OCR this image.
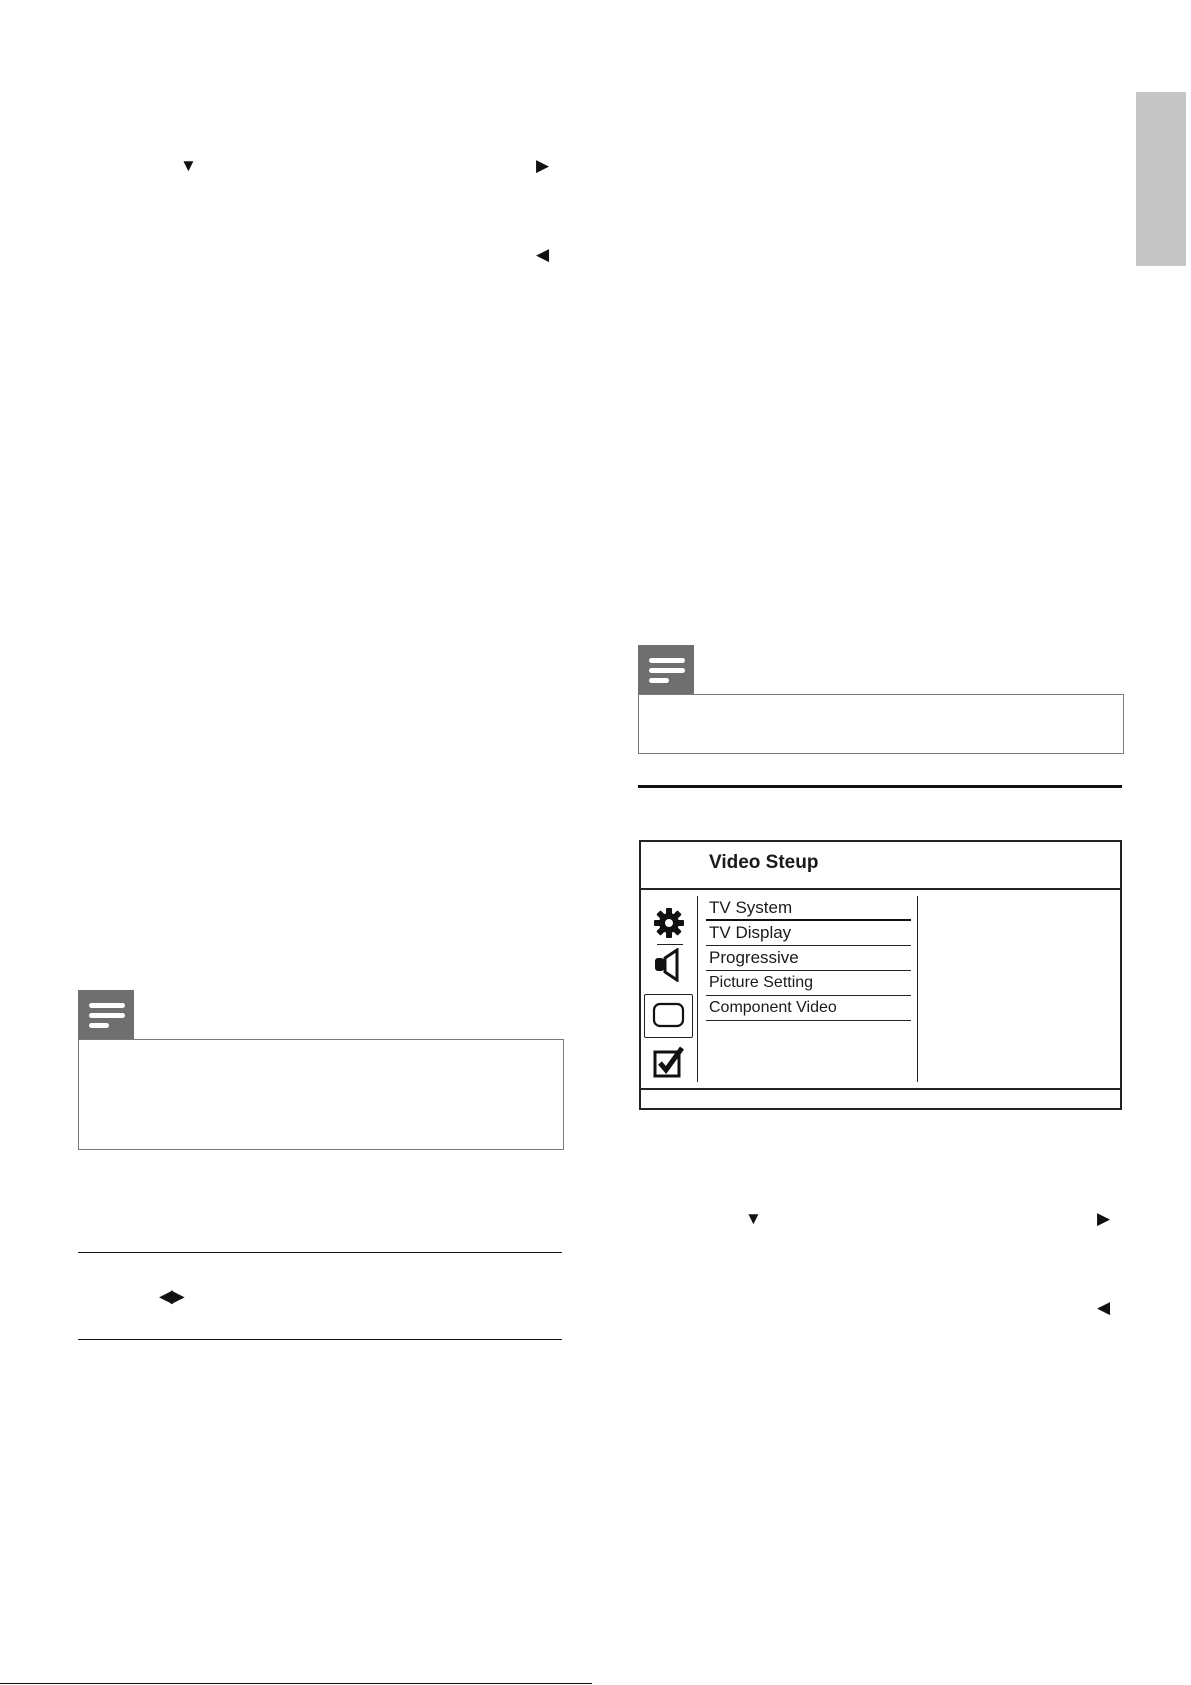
▼	▶
◀
◀▶
Video Steup
TV System
TV Display
Progressive
Picture Setting
Component Video
▼	▶
◀
